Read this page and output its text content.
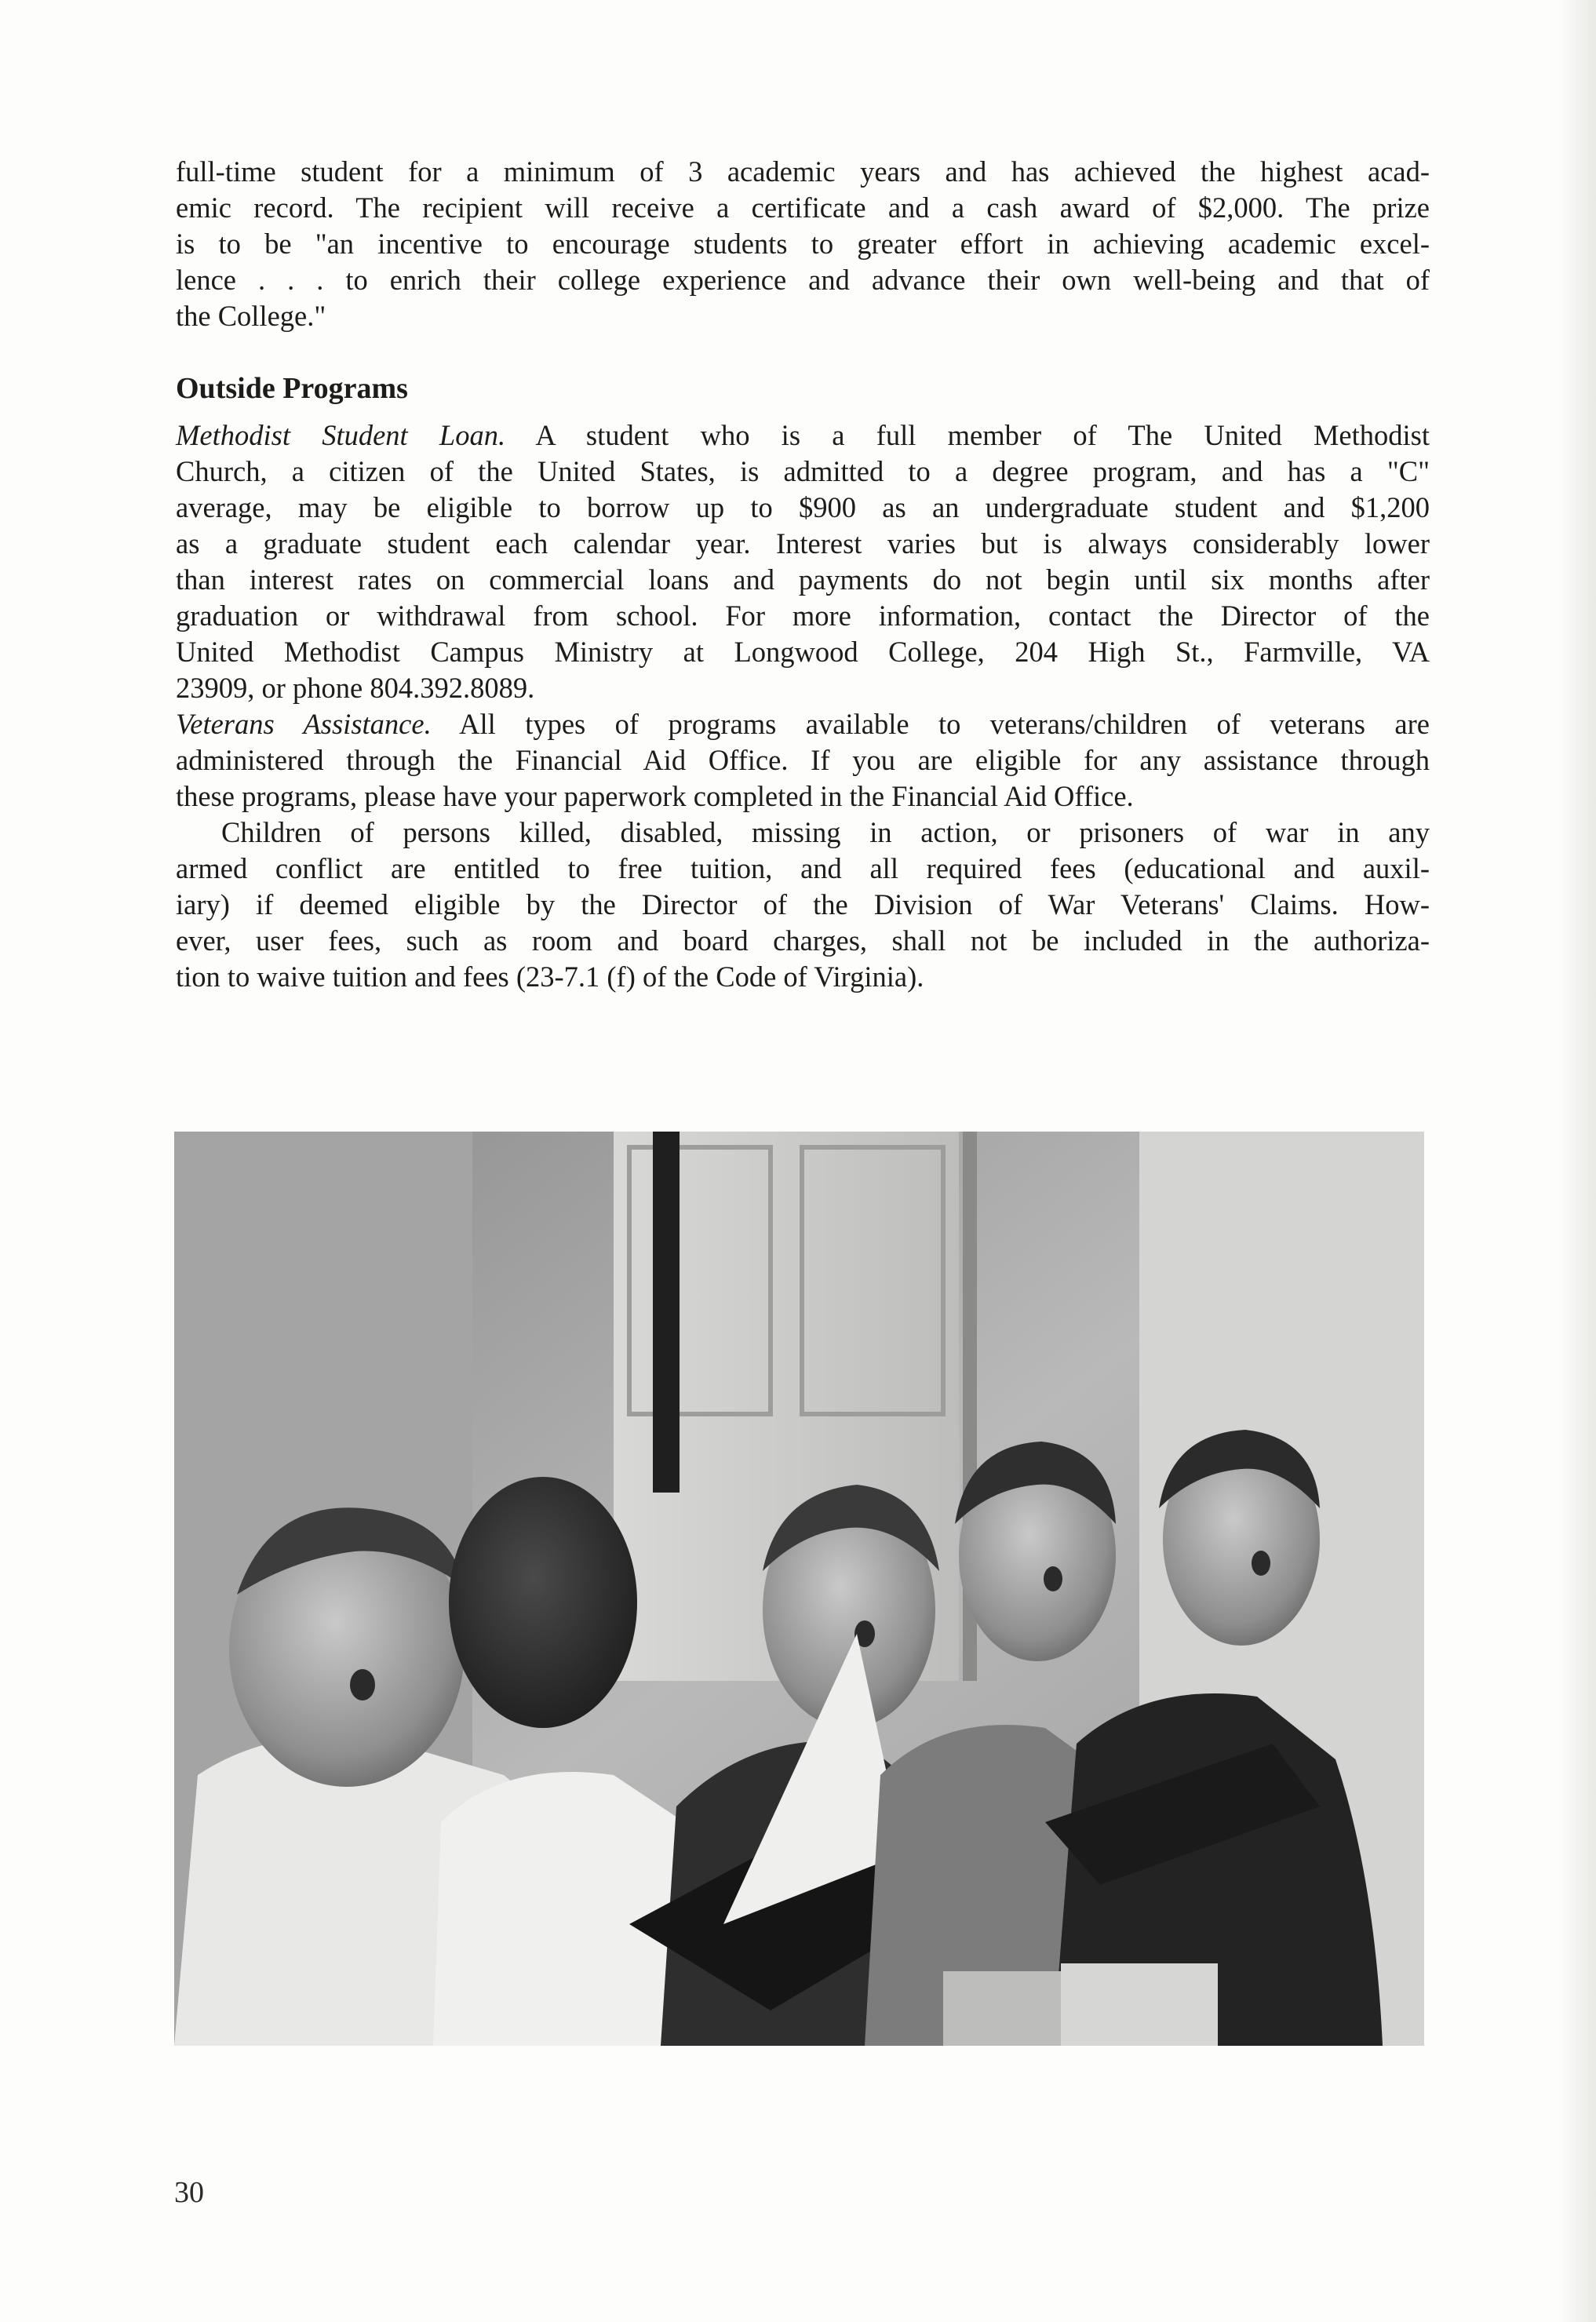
full-time student for a minimum of 3 academic years and has achieved the highest acad-
emic record. The recipient will receive a certificate and a cash award of $2,000. The prize
is to be "an incentive to encourage students to greater effort in achieving academic excel-
lence . . . to enrich their college experience and advance their own well-being and that of
the College."

Outside Programs

Methodist Student Loan. A student who is a full member of The United Methodist
Church, a citizen of the United States, is admitted to a degree program, and has a "C"
average, may be eligible to borrow up to $900 as an undergraduate student and $1,200
as a graduate student each calendar year. Interest varies but is always considerably lower
than interest rates on commercial loans and payments do not begin until six months after
graduation or withdrawal from school. For more information, contact the Director of the
United Methodist Campus Ministry at Longwood College, 204 High St., Farmville, VA
23909, or phone 804.392.8089.

Veterans Assistance. All types of programs available to veterans/children of veterans are
administered through the Financial Aid Office. If you are eligible for any assistance through
these programs, please have your paperwork completed in the Financial Aid Office.

Children of persons killed, disabled, missing in action, or prisoners of war in any
armed conflict are entitled to free tuition, and all required fees (educational and auxil-
iary) if deemed eligible by the Director of the Division of War Veterans' Claims. How-
ever, user fees, such as room and board charges, shall not be included in the authoriza-
tion to waive tuition and fees (23-7.1 (f) of the Code of Virginia).

30
